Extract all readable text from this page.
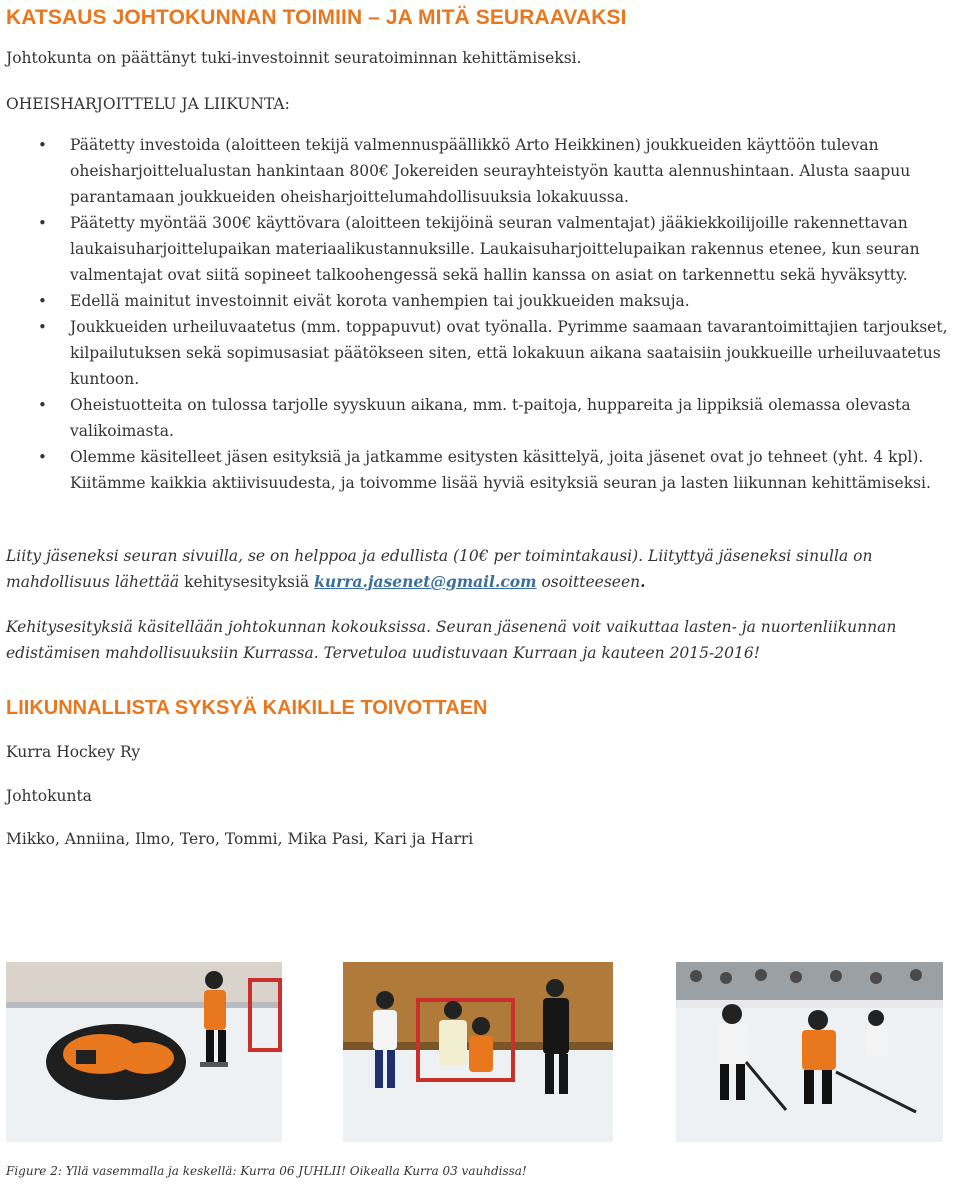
KATSAUS JOHTOKUNNAN TOIMIIN – JA MITÄ SEURAAVAKSI

Johtokunta on päättänyt tuki-investoinnit seuratoiminnan kehittämiseksi.

OHEISHARJOITTELU JA LIIKUNTA:

• Päätetty investoida (aloitteen tekijä valmennuspäällikkö Arto Heikkinen) joukkueiden käyttöön tulevan oheisharjoittelualustan hankintaan 800€ Jokereiden seurayhteistyön kautta alennushintaan. Alusta saapuu parantamaan joukkueiden oheisharjoittelumahdollisuuksia lokakuussa.
• Päätetty myöntää 300€ käyttövara (aloitteen tekijöinä seuran valmentajat) jääkiekkoilijoille rakennettavan laukaisuharjoittelupaikan materiaalikustannuksille. Laukaisuharjoittelupaikan rakennus etenee, kun seuran valmentajat ovat siitä sopineet talkoohengessä sekä hallin kanssa on asiat on tarkennettu sekä hyväksytty.
• Edellä mainitut investoinnit eivät korota vanhempien tai joukkueiden maksuja.
• Joukkueiden urheiluvaatetus (mm. toppapuvut) ovat työnalla. Pyrimme saamaan tavarantoimittajien tarjoukset, kilpailutuksen sekä sopimusasiat päätökseen siten, että lokakuun aikana saataisiin joukkueille urheiluvaatetus kuntoon.
• Oheistuotteita on tulossa tarjolle syyskuun aikana, mm. t-paitoja, huppareita ja lippiksiä olemassa olevasta valikoimasta.
• Olemme käsitelleet jäsen esityksiä ja jatkamme esitysten käsittelyä, joita jäsenet ovat jo tehneet (yht. 4 kpl). Kiitämme kaikkia aktiivisuudesta, ja toivomme lisää hyviä esityksiä seuran ja lasten liikunnan kehittämiseksi.

Liity jäseneksi seuran sivuilla, se on helppoa ja edullista (10€ per toimintakausi). Liityttyä jäseneksi sinulla on mahdollisuus lähettää kehitysesityksiä kurra.jasenet@gmail.com osoitteeseen.

Kehitysesityksiä käsitellään johtokunnan kokouksissa. Seuran jäsenenä voit vaikuttaa lasten- ja nuortenliikunnan edistämisen mahdollisuuksiin Kurrassa. Tervetuloa uudistuvaan Kurraan ja kauteen 2015-2016!

LIIKUNNALLISTA SYKSYÄ KAIKILLE TOIVOTTAEN

Kurra Hockey Ry

Johtokunta

Mikko, Anniina, Ilmo, Tero, Tommi, Mika Pasi, Kari ja Harri

Figure 2: Yllä vasemmalla ja keskellä: Kurra 06 JUHLII! Oikealla Kurra 03 vauhdissa!
